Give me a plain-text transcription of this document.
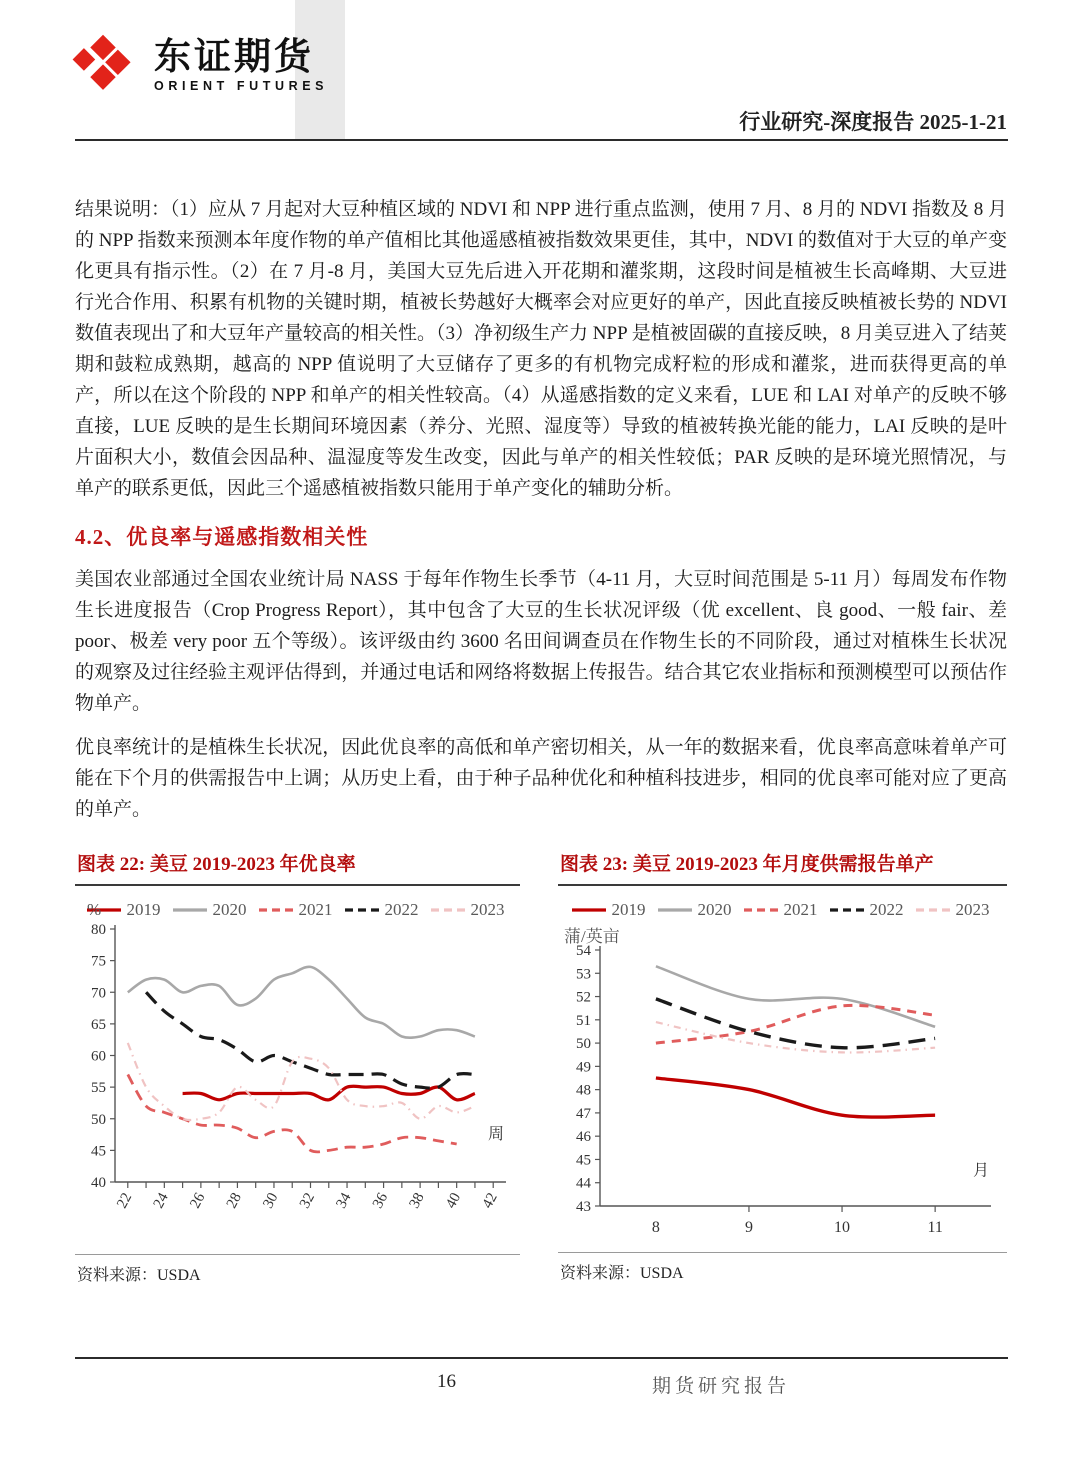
东证期货
ORIENT FUTURES
行业研究-深度报告 2025-1-21

结果说明：（1）应从 7 月起对大豆种植区域的 NDVI 和 NPP 进行重点监测，使用 7 月、8 月的 NDVI 指数及 8 月的 NPP 指数来预测本年度作物的单产值相比其他遥感植被指数效果更佳，其中，NDVI 的数值对于大豆的单产变化更具有指示性。（2）在 7 月-8 月，美国大豆先后进入开花期和灌浆期，这段时间是植被生长高峰期、大豆进行光合作用、积累有机物的关键时期，植被长势越好大概率会对应更好的单产，因此直接反映植被长势的 NDVI 数值表现出了和大豆年产量较高的相关性。（3）净初级生产力 NPP 是植被固碳的直接反映，8 月美豆进入了结荚期和鼓粒成熟期，越高的 NPP 值说明了大豆储存了更多的有机物完成籽粒的形成和灌浆，进而获得更高的单产，所以在这个阶段的 NPP 和单产的相关性较高。（4）从遥感指数的定义来看，LUE 和 LAI 对单产的反映不够直接，LUE 反映的是生长期间环境因素（养分、光照、湿度等）导致的植被转换光能的能力，LAI 反映的是叶片面积大小，数值会因品种、温湿度等发生改变，因此与单产的相关性较低；PAR 反映的是环境光照情况，与单产的联系更低，因此三个遥感植被指数只能用于单产变化的辅助分析。

4.2、优良率与遥感指数相关性

美国农业部通过全国农业统计局 NASS 于每年作物生长季节（4-11 月，大豆时间范围是 5-11 月）每周发布作物生长进度报告（Crop Progress Report），其中包含了大豆的生长状况评级（优 excellent、良 good、一般 fair、差 poor、极差 very poor 五个等级）。该评级由约 3600 名田间调查员在作物生长的不同阶段，通过对植株生长状况的观察及过往经验主观评估得到，并通过电话和网络将数据上传报告。结合其它农业指标和预测模型可以预估作物单产。

优良率统计的是植株生长状况，因此优良率的高低和单产密切相关，从一年的数据来看，优良率高意味着单产可能在下个月的供需报告中上调；从历史上看，由于种子品种优化和种植科技进步，相同的优良率可能对应了更高的单产。

图表 22: 美豆 2019-2023 年优良率
% 2019	2020	2021	2022	2023
40
45
50
55
60
65
70
75
80
22 24 26 28 30 32 34 36 38 40 42
周
资料来源：USDA
图表 23: 美豆 2019-2023 年月度供需报告单产
2019	2020	2021	2022	2023
蒲/英亩
43
44
45
46
47
48
49
50
51
52
53
54
8	9	10	11
月
资料来源：USDA
16	期货研究报告
